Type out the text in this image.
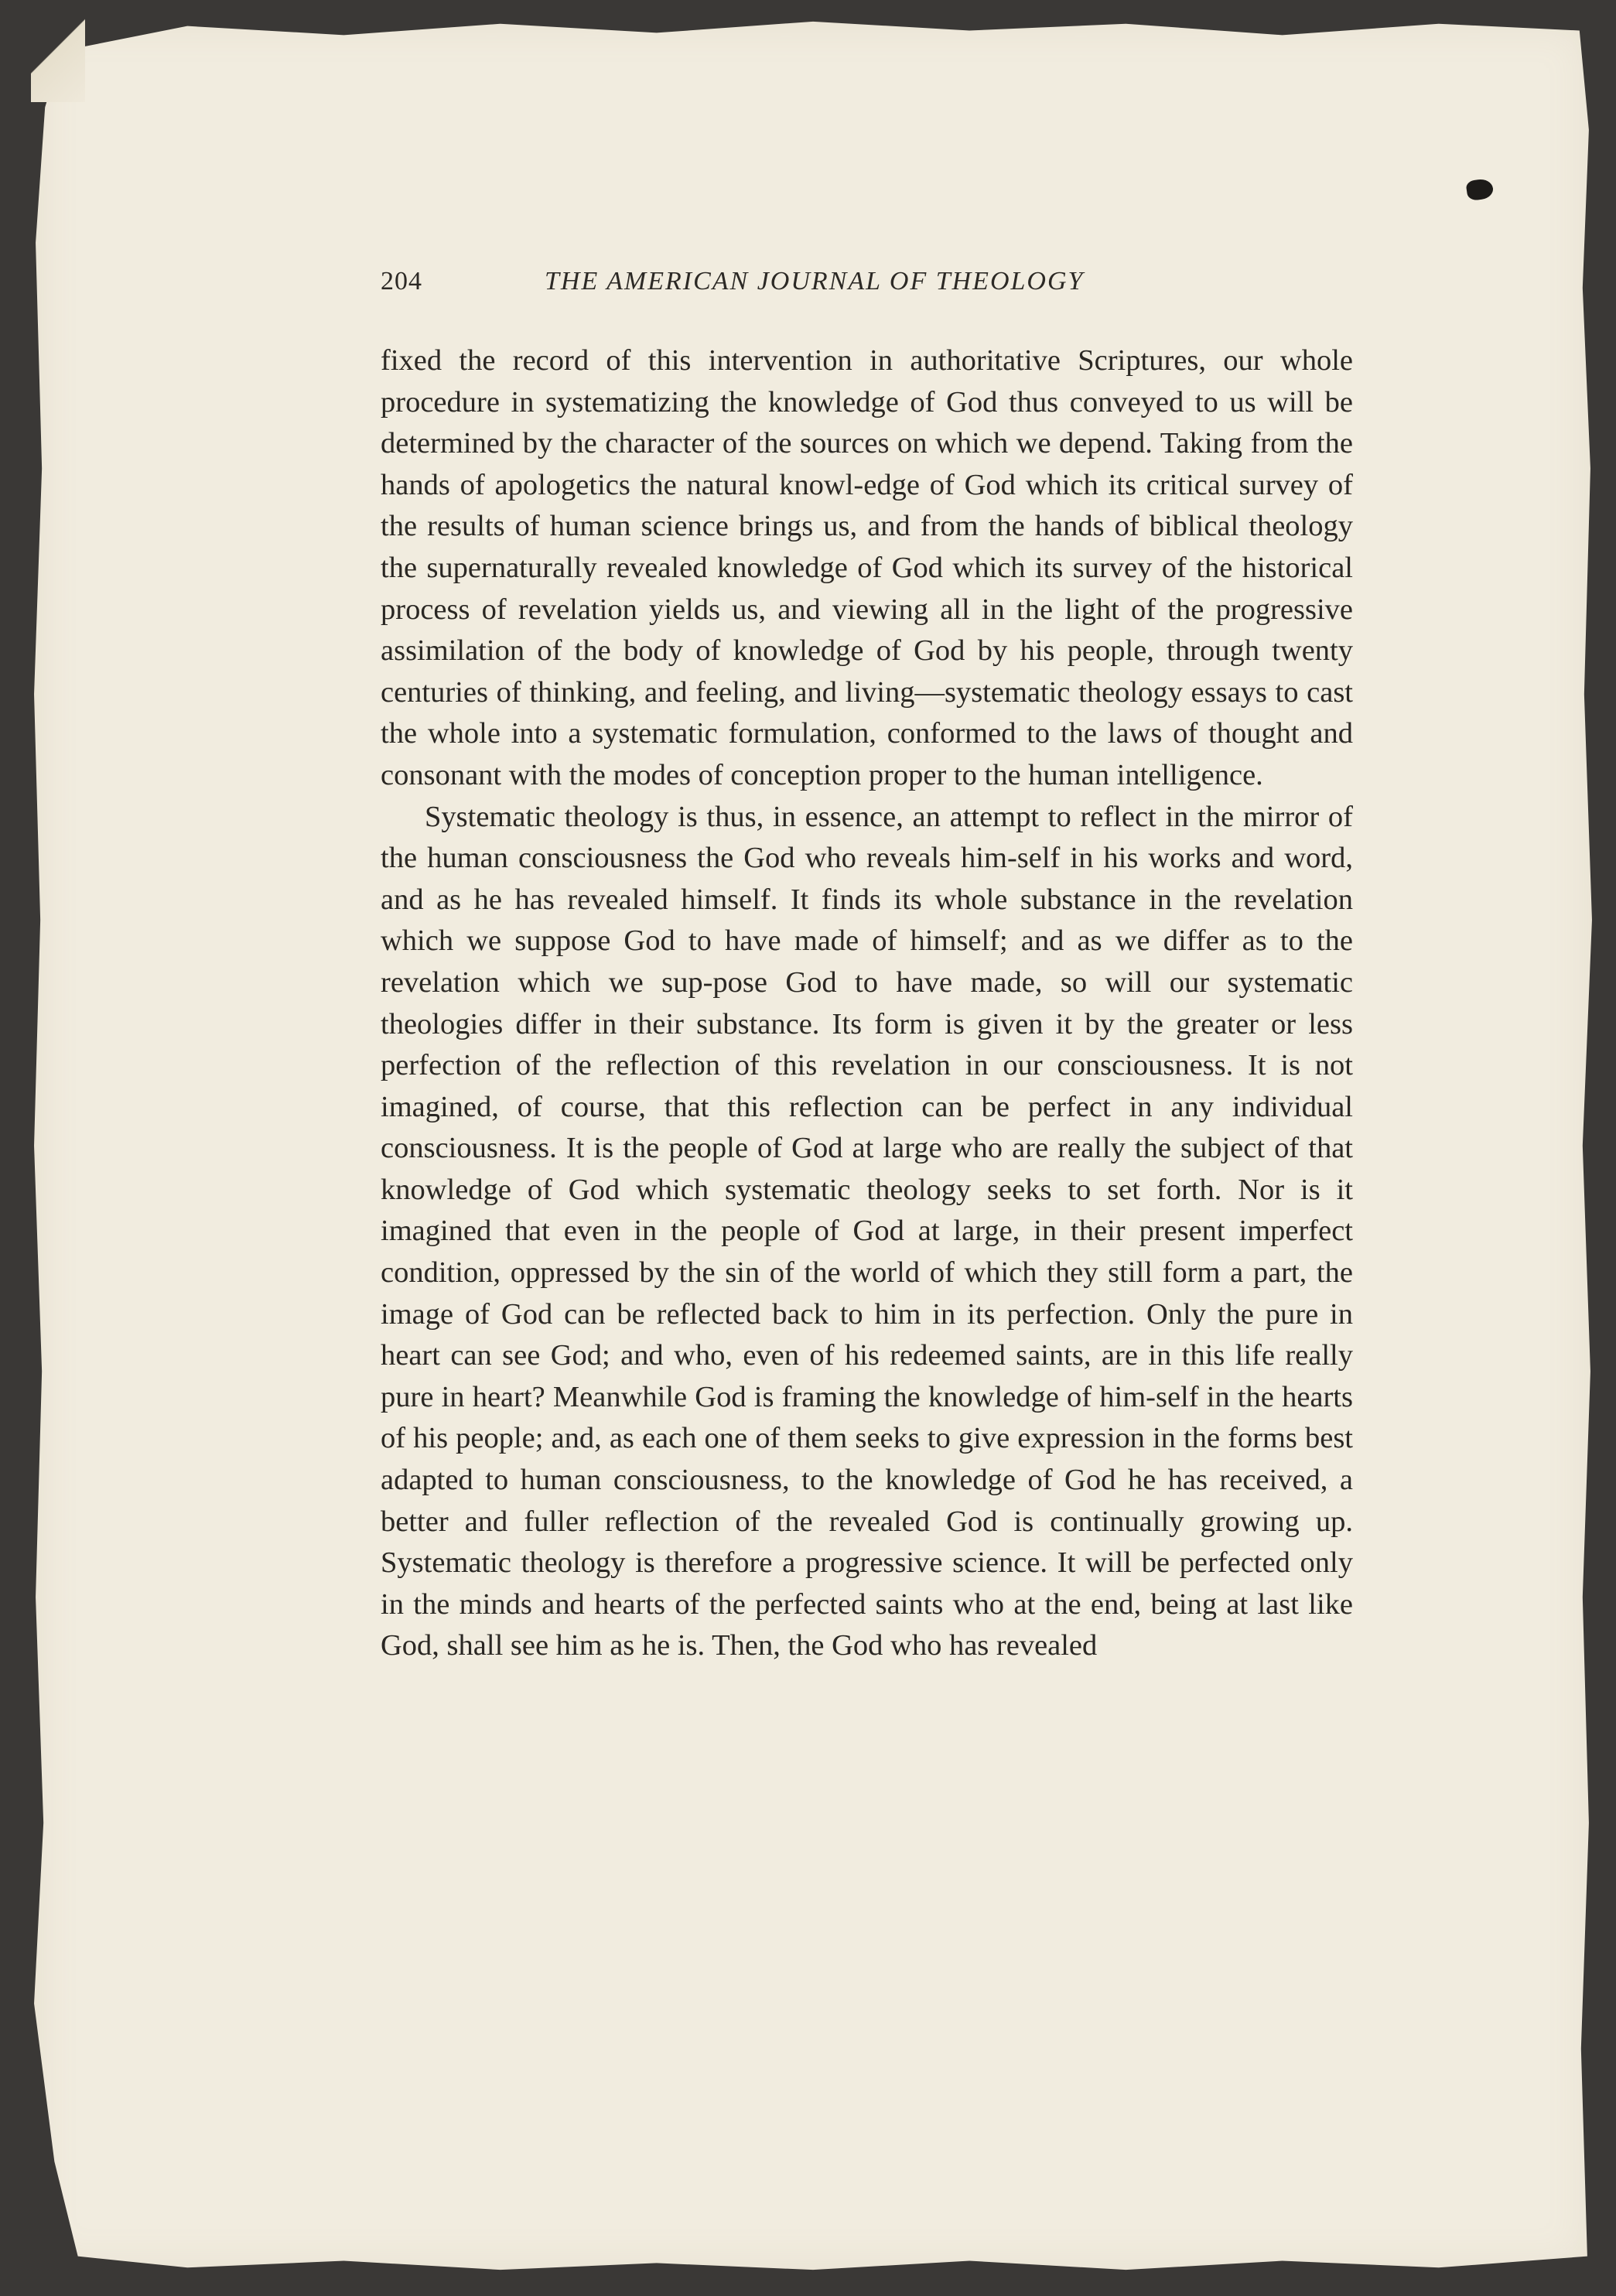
204	THE AMERICAN JOURNAL OF THEOLOGY

fixed the record of this intervention in authoritative Scriptures, our whole procedure in systematizing the knowledge of God thus conveyed to us will be determined by the character of the sources on which we depend. Taking from the hands of apologetics the natural knowl-edge of God which its critical survey of the results of human science brings us, and from the hands of biblical theology the supernaturally revealed knowledge of God which its survey of the historical process of revelation yields us, and viewing all in the light of the progressive assimilation of the body of knowledge of God by his people, through twenty centuries of thinking, and feeling, and living—systematic theology essays to cast the whole into a systematic formulation, conformed to the laws of thought and consonant with the modes of conception proper to the human intelligence.

Systematic theology is thus, in essence, an attempt to reflect in the mirror of the human consciousness the God who reveals him-self in his works and word, and as he has revealed himself. It finds its whole substance in the revelation which we suppose God to have made of himself; and as we differ as to the revelation which we sup-pose God to have made, so will our systematic theologies differ in their substance. Its form is given it by the greater or less perfection of the reflection of this revelation in our consciousness. It is not imagined, of course, that this reflection can be perfect in any individual consciousness. It is the people of God at large who are really the subject of that knowledge of God which systematic theology seeks to set forth. Nor is it imagined that even in the people of God at large, in their present imperfect condition, oppressed by the sin of the world of which they still form a part, the image of God can be reflected back to him in its perfection. Only the pure in heart can see God; and who, even of his redeemed saints, are in this life really pure in heart? Meanwhile God is framing the knowledge of him-self in the hearts of his people; and, as each one of them seeks to give expression in the forms best adapted to human consciousness, to the knowledge of God he has received, a better and fuller reflection of the revealed God is continually growing up. Systematic theology is therefore a progressive science. It will be perfected only in the minds and hearts of the perfected saints who at the end, being at last like God, shall see him as he is. Then, the God who has revealed
